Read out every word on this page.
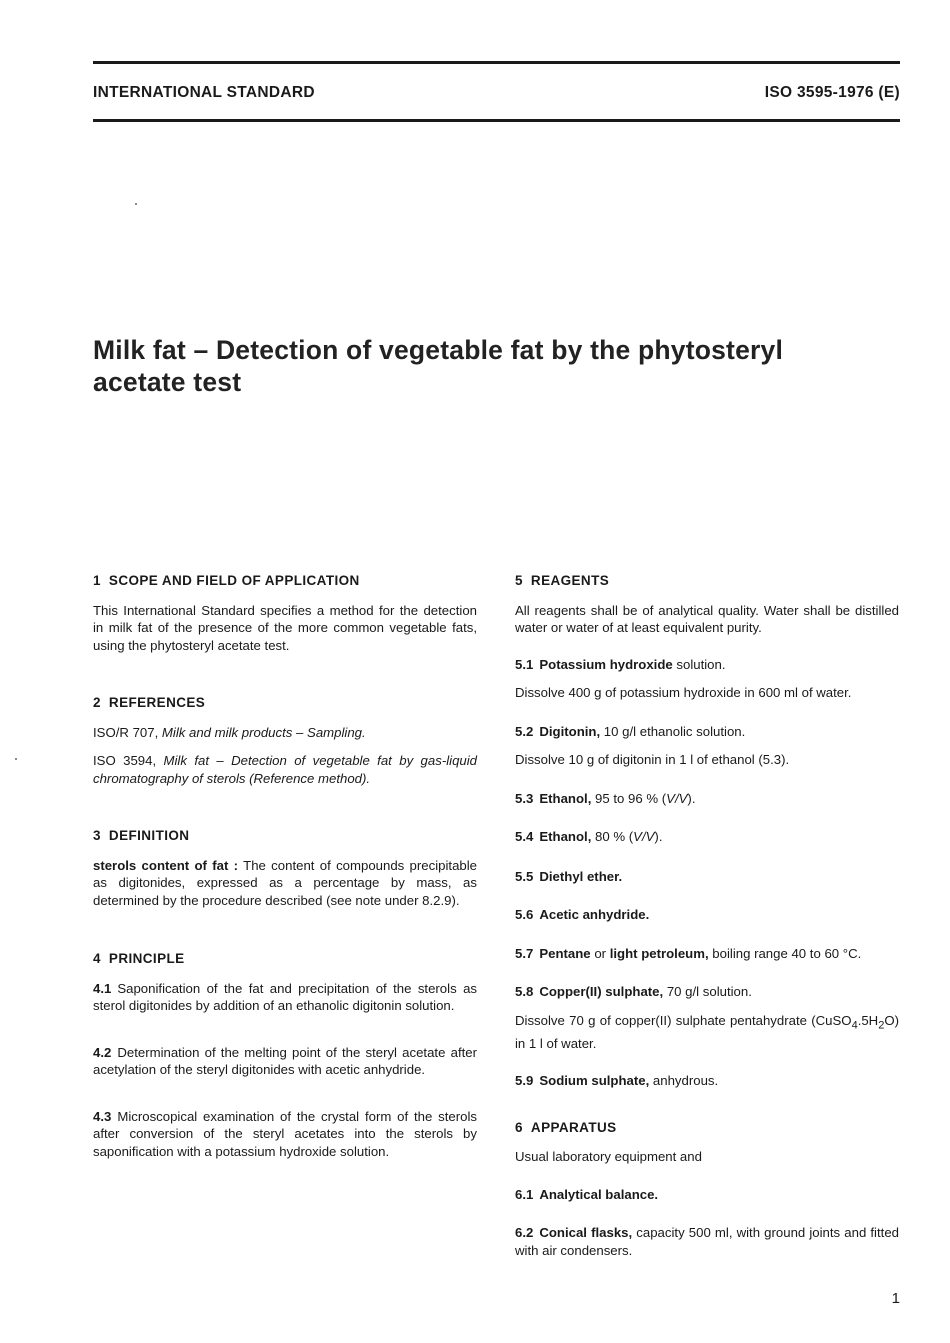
INTERNATIONAL STANDARD	ISO 3595-1976 (E)
Milk fat – Detection of vegetable fat by the phytosteryl
acetate test
1 SCOPE AND FIELD OF APPLICATION

This International Standard specifies a method for the detection in milk fat of the presence of the more common vegetable fats, using the phytosteryl acetate test.

2 REFERENCES

ISO/R 707, Milk and milk products – Sampling.

ISO 3594, Milk fat – Detection of vegetable fat by gas-liquid chromatography of sterols (Reference method).

3 DEFINITION

sterols content of fat : The content of compounds precipitable as digitonides, expressed as a percentage by mass, as determined by the procedure described (see note under 8.2.9).

4 PRINCIPLE

4.1 Saponification of the fat and precipitation of the sterols as sterol digitonides by addition of an ethanolic digitonin solution.

4.2 Determination of the melting point of the steryl acetate after acetylation of the steryl digitonides with acetic anhydride.

4.3 Microscopical examination of the crystal form of the sterols after conversion of the steryl acetates into the sterols by saponification with a potassium hydroxide solution.

5 REAGENTS

All reagents shall be of analytical quality. Water shall be distilled water or water of at least equivalent purity.

5.1 Potassium hydroxide solution.

Dissolve 400 g of potassium hydroxide in 600 ml of water.

5.2 Digitonin, 10 g/l ethanolic solution.

Dissolve 10 g of digitonin in 1 l of ethanol (5.3).

5.3 Ethanol, 95 to 96 % (V/V).

5.4 Ethanol, 80 % (V/V).

5.5 Diethyl ether.

5.6 Acetic anhydride.

5.7 Pentane or light petroleum, boiling range 40 to 60 °C.

5.8 Copper(II) sulphate, 70 g/l solution.

Dissolve 70 g of copper(II) sulphate pentahydrate $(CuSO_4.5H_2O)$ in 1 l of water.

5.9 Sodium sulphate, anhydrous.

6 APPARATUS

Usual laboratory equipment and

6.1 Analytical balance.

6.2 Conical flasks, capacity 500 ml, with ground joints and fitted with air condensers.

1
